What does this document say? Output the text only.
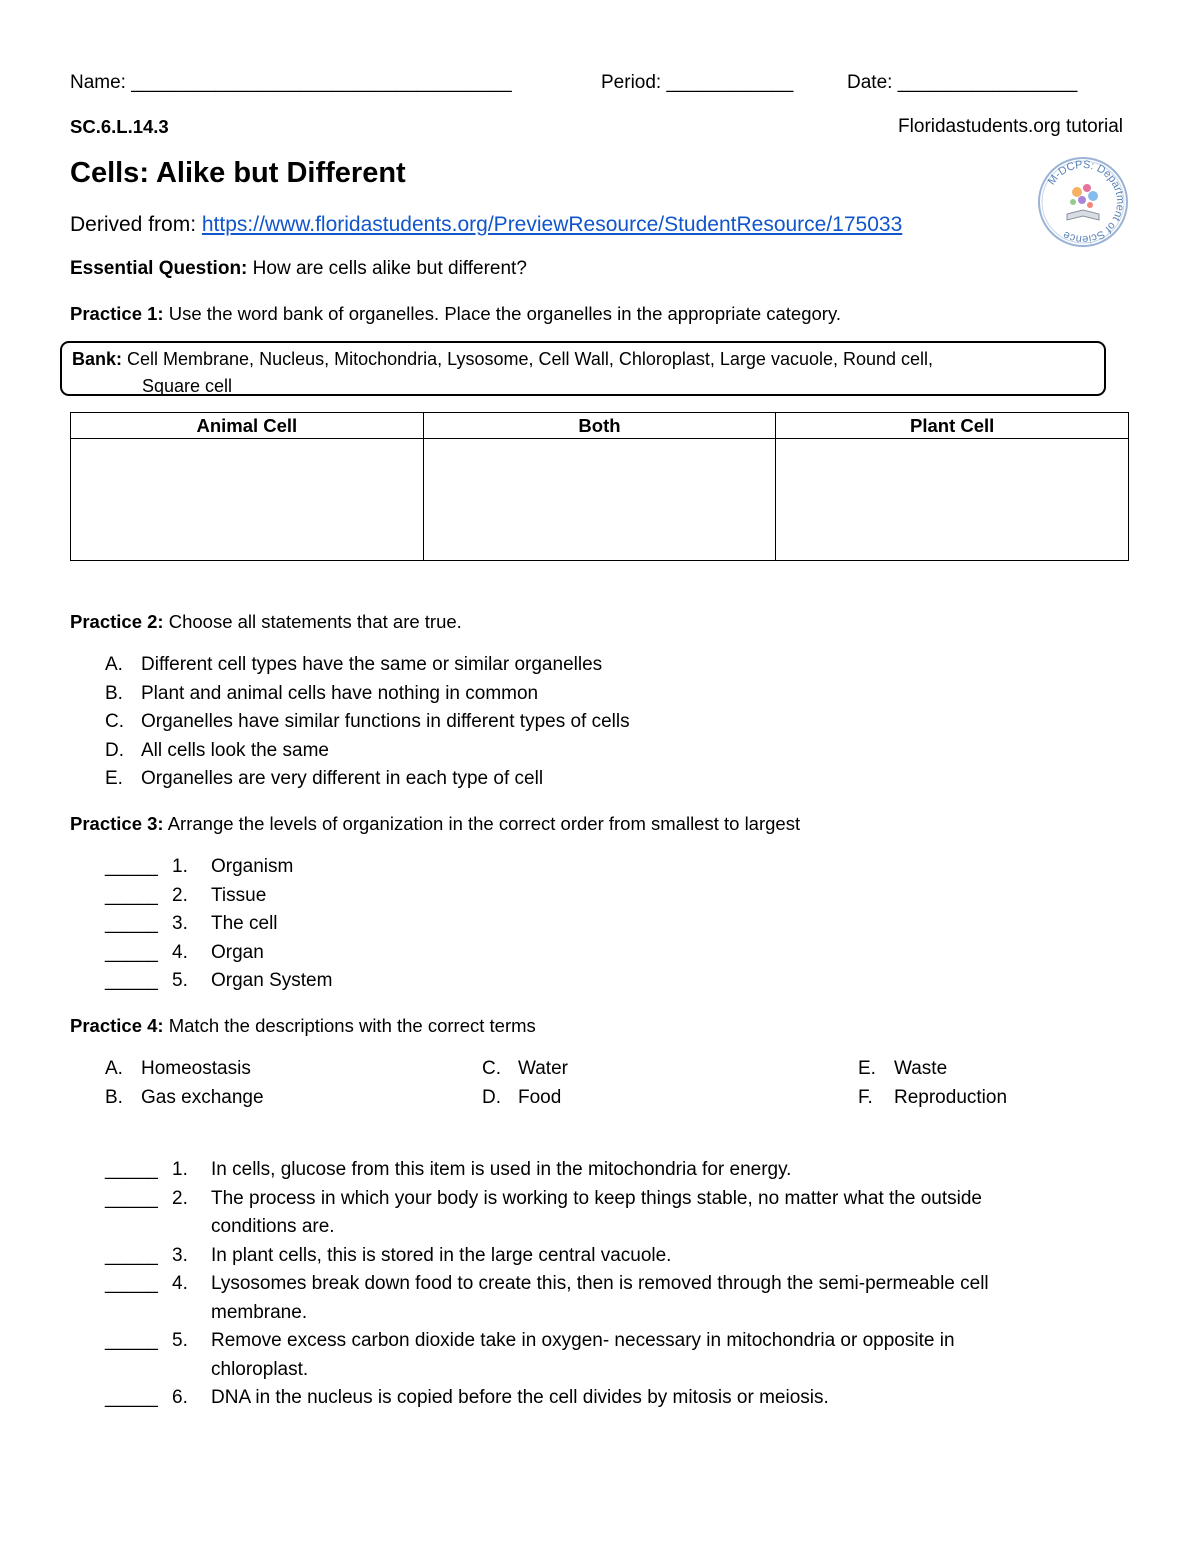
Name: ____________________________________	Period: ____________	Date: _________________
SC.6.L.14.3	Floridastudents.org tutorial
Cells: Alike but Different
Derived from: https://www.floridastudents.org/PreviewResource/StudentResource/175033
M-DCPS: Department of Science
Essential Question: How are cells alike but different?
Practice 1: Use the word bank of organelles. Place the organelles in the appropriate category.
Bank: Cell Membrane, Nucleus, Mitochondria, Lysosome, Cell Wall, Chloroplast, Large vacuole, Round cell,
Square cell
Animal Cell	Both	Plant Cell

Practice 2: Choose all statements that are true.
A. Different cell types have the same or similar organelles
B. Plant and animal cells have nothing in common
C. Organelles have similar functions in different types of cells
D. All cells look the same
E. Organelles are very different in each type of cell
Practice 3: Arrange the levels of organization in the correct order from smallest to largest
_____ 1. Organism
_____ 2. Tissue
_____ 3. The cell
_____ 4. Organ
_____ 5. Organ System
Practice 4: Match the descriptions with the correct terms
A. Homeostasis
B. Gas exchange
C. Water
D. Food
E. Waste
F. Reproduction
_____ 1. In cells, glucose from this item is used in the mitochondria for energy.
_____ 2. The process in which your body is working to keep things stable, no matter what the outside
conditions are.
_____ 3. In plant cells, this is stored in the large central vacuole.
_____ 4. Lysosomes break down food to create this, then is removed through the semi-permeable cell
membrane.
_____ 5. Remove excess carbon dioxide take in oxygen- necessary in mitochondria or opposite in
chloroplast.
_____ 6. DNA in the nucleus is copied before the cell divides by mitosis or meiosis.
